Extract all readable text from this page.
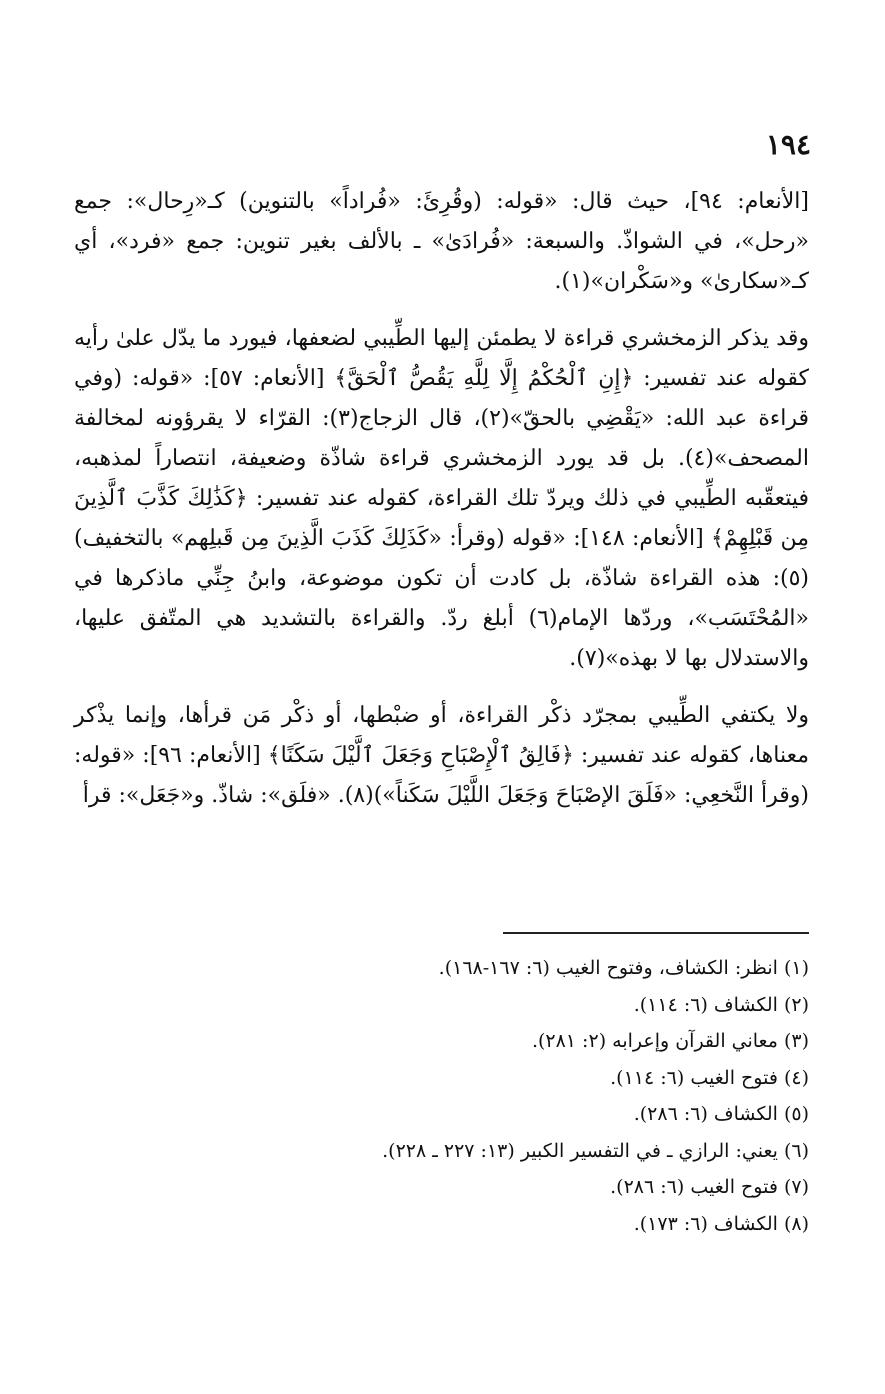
١٩٤

[الأنعام: ٩٤]، حيث قال: «قوله: (وقُرِئَ: «فُراداً» بالتنوين) كـ«رِحال»: جمع «رحل»، في الشواذّ. والسبعة: «فُرادَىٰ» ـ بالألف بغير تنوين: جمع «فرد»، أي كـ«سكارىٰ» و«سَكْران»(١).

وقد يذكر الزمخشري قراءة لا يطمئن إليها الطِّيبي لضعفها، فيورد ما يدّل علىٰ رأيه كقوله عند تفسير: ﴿إِنِ ٱلْحُكْمُ إِلَّا لِلَّهِ يَقُصُّ ٱلْحَقَّ﴾ [الأنعام: ٥٧]: «قوله: (وفي قراءة عبد الله: «يَقْضِي بالحقّ»(٢)، قال الزجاج(٣): القرّاء لا يقرؤونه لمخالفة المصحف»(٤). بل قد يورد الزمخشري قراءة شاذّة وضعيفة، انتصاراً لمذهبه، فيتعقّبه الطِّيبي في ذلك ويردّ تلك القراءة، كقوله عند تفسير: ﴿كَذَٰلِكَ كَذَّبَ ٱلَّذِينَ مِن قَبْلِهِمْ﴾ [الأنعام: ١٤٨]: «قوله (وقرأ: «كَذَلِكَ كَذَبَ الَّذِينَ مِن قَبلِهم» بالتخفيف)(٥): هذه القراءة شاذّة، بل كادت أن تكون موضوعة، وابنُ جِنِّي ماذكرها في «المُحْتَسَب»، وردّها الإمام(٦) أبلغ ردّ. والقراءة بالتشديد هي المتّفق عليها، والاستدلال بها لا بهذه»(٧).

ولا يكتفي الطِّيبي بمجرّد ذكْر القراءة، أو ضبْطها، أو ذكْر مَن قرأها، وإنما يذْكر معناها، كقوله عند تفسير: ﴿فَالِقُ ٱلْإِصْبَاحِ وَجَعَلَ ٱلَّيْلَ سَكَنًا﴾ [الأنعام: ٩٦]: «قوله: (وقرأ النَّخعِي: «فَلَقَ الإصْبَاحَ وَجَعَلَ اللَّيْلَ سَكَناً»)(٨). «فلَق»: شاذّ. و«جَعَل»: قرأ

(١) انظر: الكشاف، وفتوح الغيب (٦: ١٦٧-١٦٨).

(٢) الكشاف (٦: ١١٤).

(٣) معاني القرآن وإعرابه (٢: ٢٨١).

(٤) فتوح الغيب (٦: ١١٤).

(٥) الكشاف (٦: ٢٨٦).

(٦) يعني: الرازي ـ في التفسير الكبير (١٣: ٢٢٧ ـ ٢٢٨).

(٧) فتوح الغيب (٦: ٢٨٦).

(٨) الكشاف (٦: ١٧٣).
